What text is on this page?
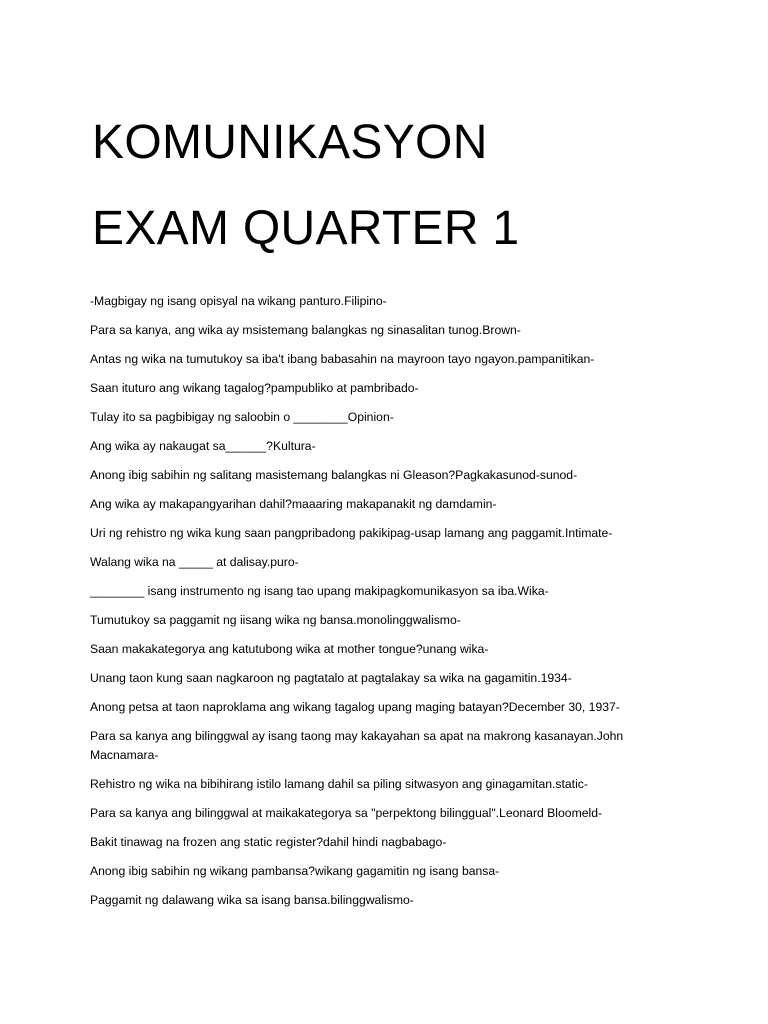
KOMUNIKASYON
EXAM QUARTER 1
-Magbigay ng isang opisyal na wikang panturo.Filipino-
Para sa kanya, ang wika ay msistemang balangkas ng sinasalitan tunog.Brown-
Antas ng wika na tumutukoy sa iba't ibang babasahin na mayroon tayo ngayon.pampanitikan-
Saan ituturo ang wikang tagalog?pampubliko at pambribado-
Tulay ito sa pagbibigay ng saloobin o ________Opinion-
Ang wika ay nakaugat sa______?Kultura-
Anong ibig sabihin ng salitang masistemang balangkas ni Gleason?Pagkakasunod-sunod-
Ang wika ay makapangyarihan dahil?maaaring makapanakit ng damdamin-
Uri ng rehistro ng wika kung saan pangpribadong pakikipag-usap lamang ang paggamit.Intimate-
Walang wika na _____ at dalisay.puro-
________ isang instrumento ng isang tao upang makipagkomunikasyon sa iba.Wika-
Tumutukoy sa paggamit ng iisang wika ng bansa.monolinggwalismo-
Saan makakategorya ang katutubong wika at mother tongue?unang wika-
Unang taon kung saan nagkaroon ng pagtatalo at pagtalakay sa wika na gagamitin.1934-
Anong petsa at taon naproklama ang wikang tagalog upang maging batayan?December 30, 1937-
Para sa kanya ang bilinggwal ay isang taong may kakayahan sa apat na makrong kasanayan.John Macnamara-
Rehistro ng wika na bibihirang istilo lamang dahil sa piling sitwasyon ang ginagamitan.static-
Para sa kanya ang bilinggwal at maikakategorya sa "perpektong bilinggual".Leonard Bloomeld-
Bakit tinawag na frozen ang static register?dahil hindi nagbabago-
Anong ibig sabihin ng wikang pambansa?wikang gagamitin ng isang bansa-
Paggamit ng dalawang wika sa isang bansa.bilinggwalismo-
